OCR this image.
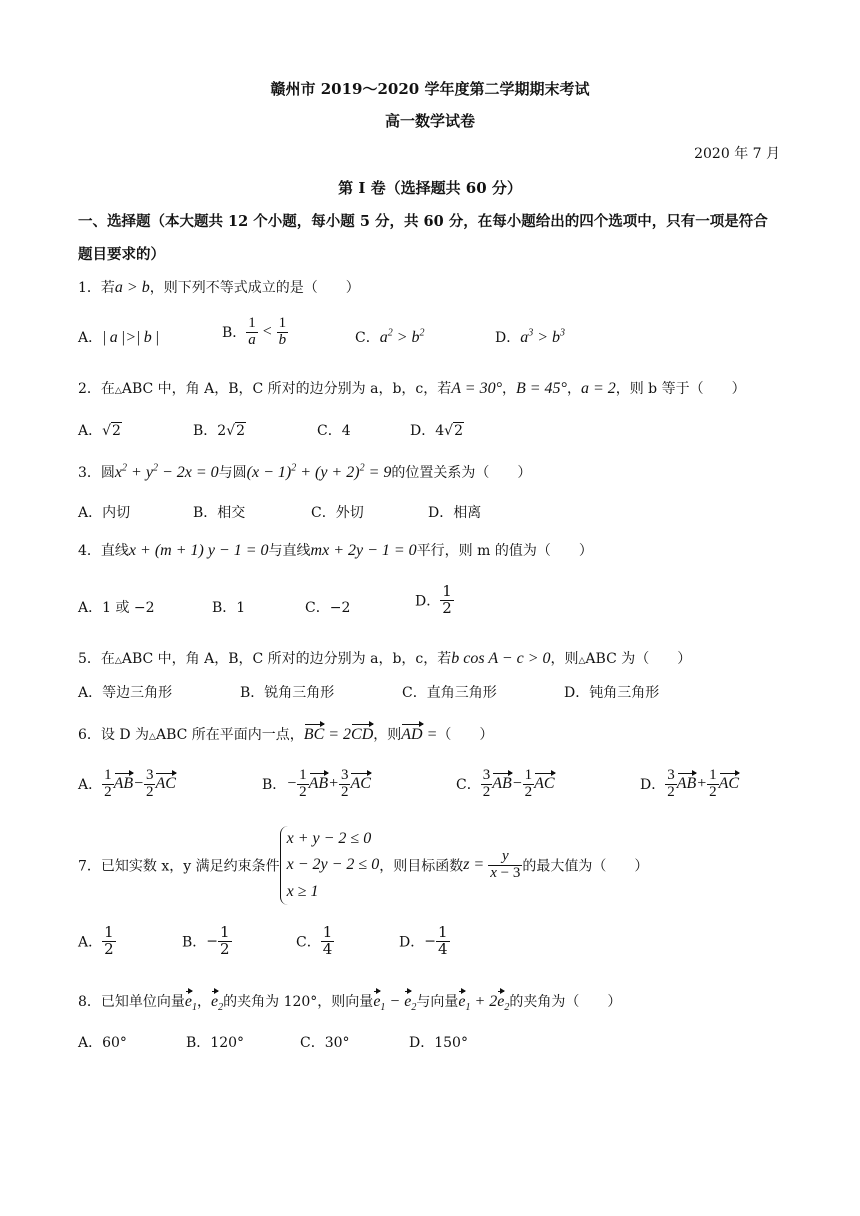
赣州市 2019～2020 学年度第二学期期末考试
高一数学试卷
2020 年 7 月
第 I 卷（选择题共 60 分）
一、选择题（本大题共 12 个小题，每小题 5 分，共 60 分，在每小题给出的四个选项中，只有一项是符合
题目要求的）
1．若a > b，则下列不等式成立的是（　　）
A．| a |>| b |	B． $\frac{1}{a} < \frac{1}{b}$	C．$a^2 > b^2$	D．$a^3 > b^3$
2．在△ABC 中，角 A，B，C 所对的边分别为 a，b，c，若A = 30°，B = 45°，a = 2，则 b 等于（　　）
A．√2	B．2√2	C．4	D．4√2
3．圆$x^2 + y^2 - 2x = 0$与圆$(x - 1)^2 + (y + 2)^2 = 9$的位置关系为（　　）
A．内切	B．相交	C．外切	D．相离
4．直线x + (m + 1) y − 1 = 0与直线mx + 2y − 1 = 0平行，则 m 的值为（　　）
A．1 或 −2	B．1	C．−2	D． $\frac{1}{2}$
5．在△ABC 中，角 A，B，C 所对的边分别为 a，b，c，若b cos A − c > 0，则△ABC 为（　　）
A．等边三角形	B．锐角三角形	C．直角三角形	D．钝角三角形
6．设 D 为△ABC 所在平面内一点，BC = 2CD，则AD =（　　）
A． $\frac{1}{2} AB- \frac{3}{2}$ AC	B．− $\frac{1}{2} AB+ \frac{3}{2}$ AC	C． $\frac{3}{2} AB- \frac{1}{2}$ AC	D． $\frac{3}{2} AB+ \frac{1}{2}$ AC
7．已知实数 x，y 满足约束条件x + y − 2 ≤ 0
x − 2y − 2 ≤ 0
x ≥ 1，则目标函数$z = \frac{y}{x - 3}$ 的最大值为（　　）
A． $\frac{1}{2}$	B．− $\frac{1}{2}$	C． $\frac{1}{4}$	D．− $\frac{1}{4}$
8．已知单位向量$e_1$，$e_2$的夹角为 120°，则向量$e_1 - e_2$与向量$e_1 + 2e_2$的夹角为（　　）
A．60°	B．120°	C．30°	D．150°
